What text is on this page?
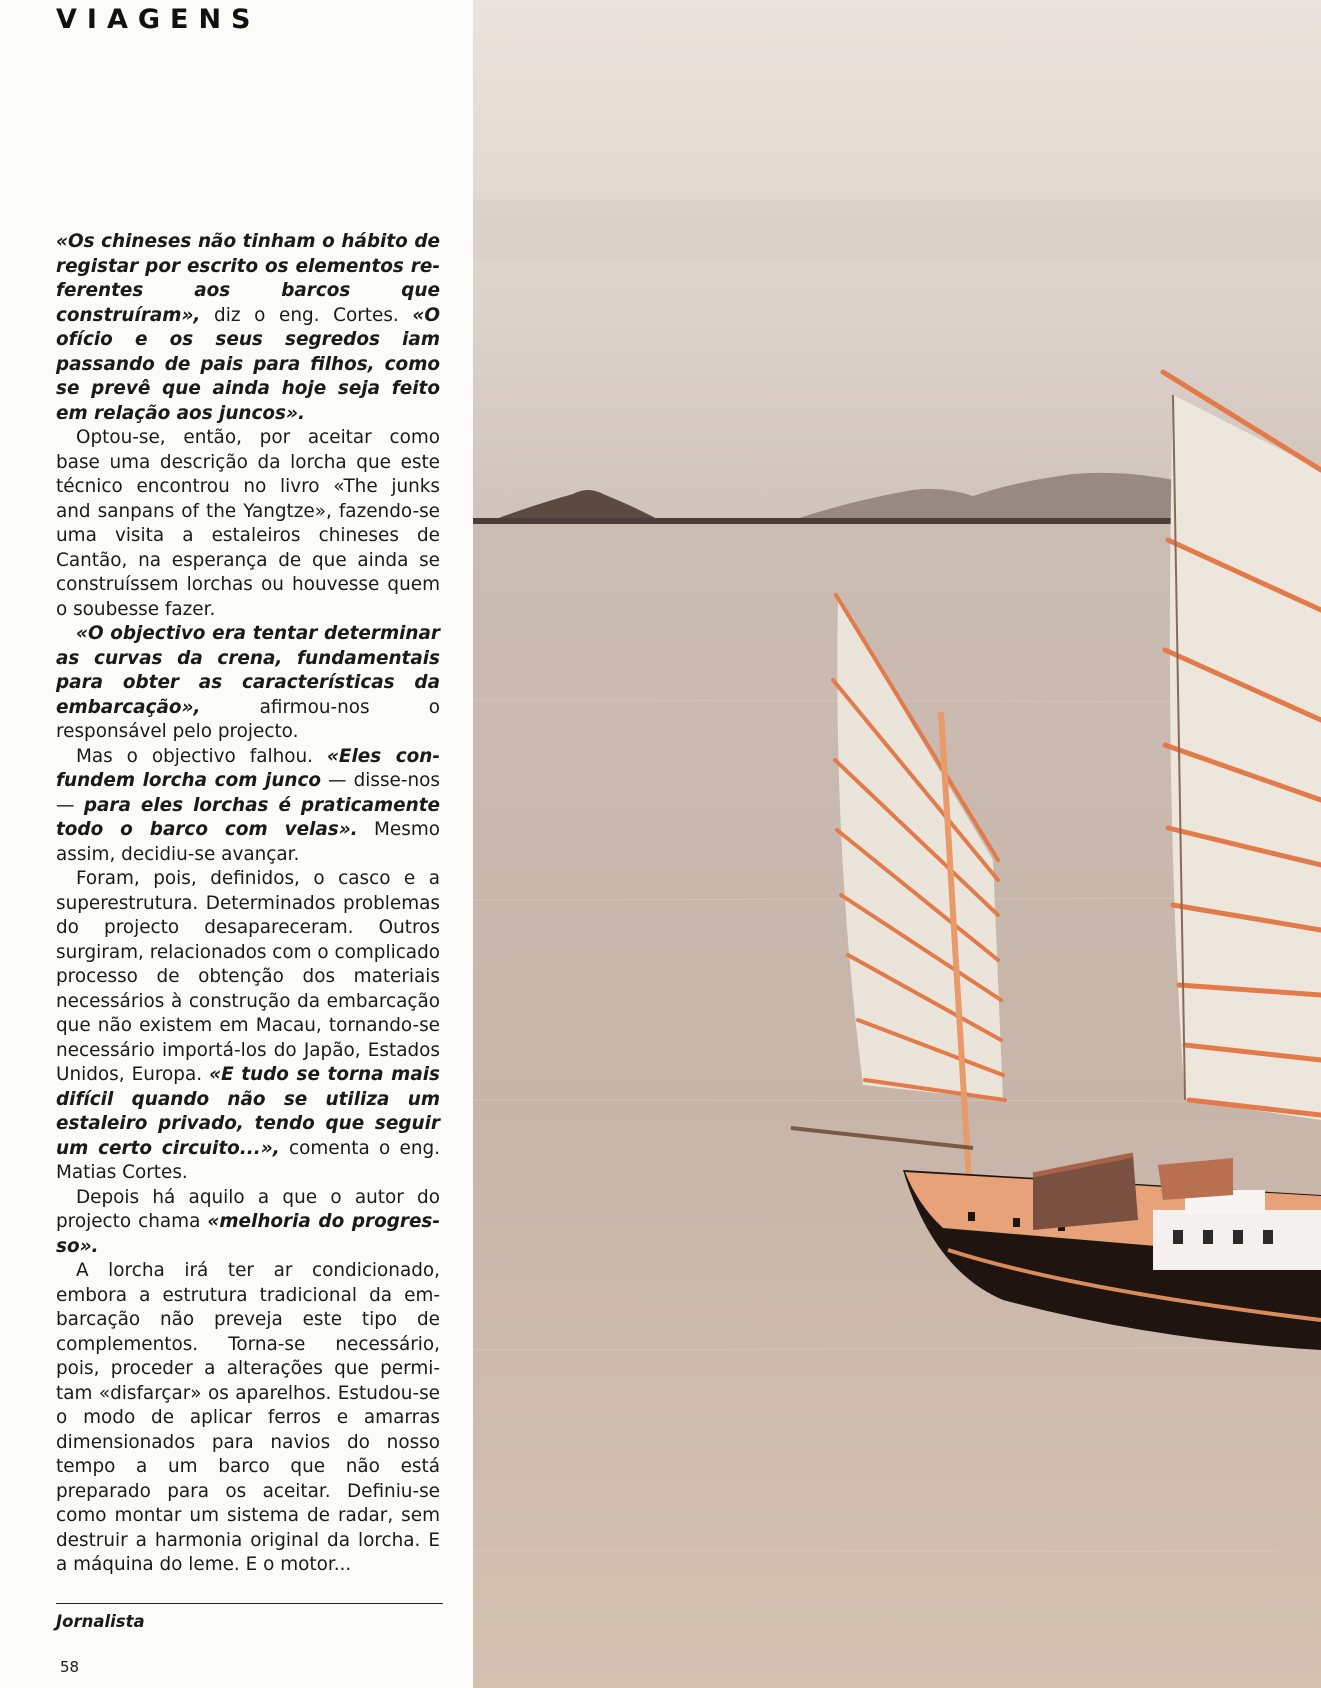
VIAGENS

«Os chineses não tinham o hábito de registar por escrito os elementos referentes aos barcos que construíram», diz o eng. Cortes. «O ofício e os seus segredos iam passando de pais para filhos, como se prevê que ainda hoje seja feito em relação aos juncos».

Optou-se, então, por aceitar como base uma descrição da lorcha que este técnico encontrou no livro «The junks and sanpans of the Yangtze», fazendo-se uma visita a estaleiros chineses de Cantão, na esperança de que ainda se construíssem lorchas ou houvesse quem o soubesse fazer.

«O objectivo era tentar determinar as curvas da crena, fundamentais para obter as características da embarcação», afirmou-nos o responsável pelo projecto.

Mas o objectivo falhou. «Eles confundem lorcha com junco — disse-nos — para eles lorchas é praticamente todo o barco com velas». Mesmo assim, decidiu-se avançar.

Foram, pois, definidos, o casco e a superestrutura. Determinados problemas do projecto desapareceram. Outros surgiram, relacionados com o complicado processo de obtenção dos materiais necessários à construção da embarcação que não existem em Macau, tornando-se necessário importá-los do Japão, Estados Unidos, Europa. «E tudo se torna mais difícil quando não se utiliza um estaleiro privado, tendo que seguir um certo circuito...», comenta o eng. Matias Cortes.

Depois há aquilo a que o autor do projecto chama «melhoria do progresso».

A lorcha irá ter ar condicionado, embora a estrutura tradicional da embarcação não preveja este tipo de complementos. Torna-se necessário, pois, proceder a alterações que permitam «disfarçar» os aparelhos. Estudou-se o modo de aplicar ferros e amarras dimensionados para navios do nosso tempo a um barco que não está preparado para os aceitar. Definiu-se como montar um sistema de radar, sem destruir a harmonia original da lorcha. E a máquina do leme. E o motor...

Jornalista
58
